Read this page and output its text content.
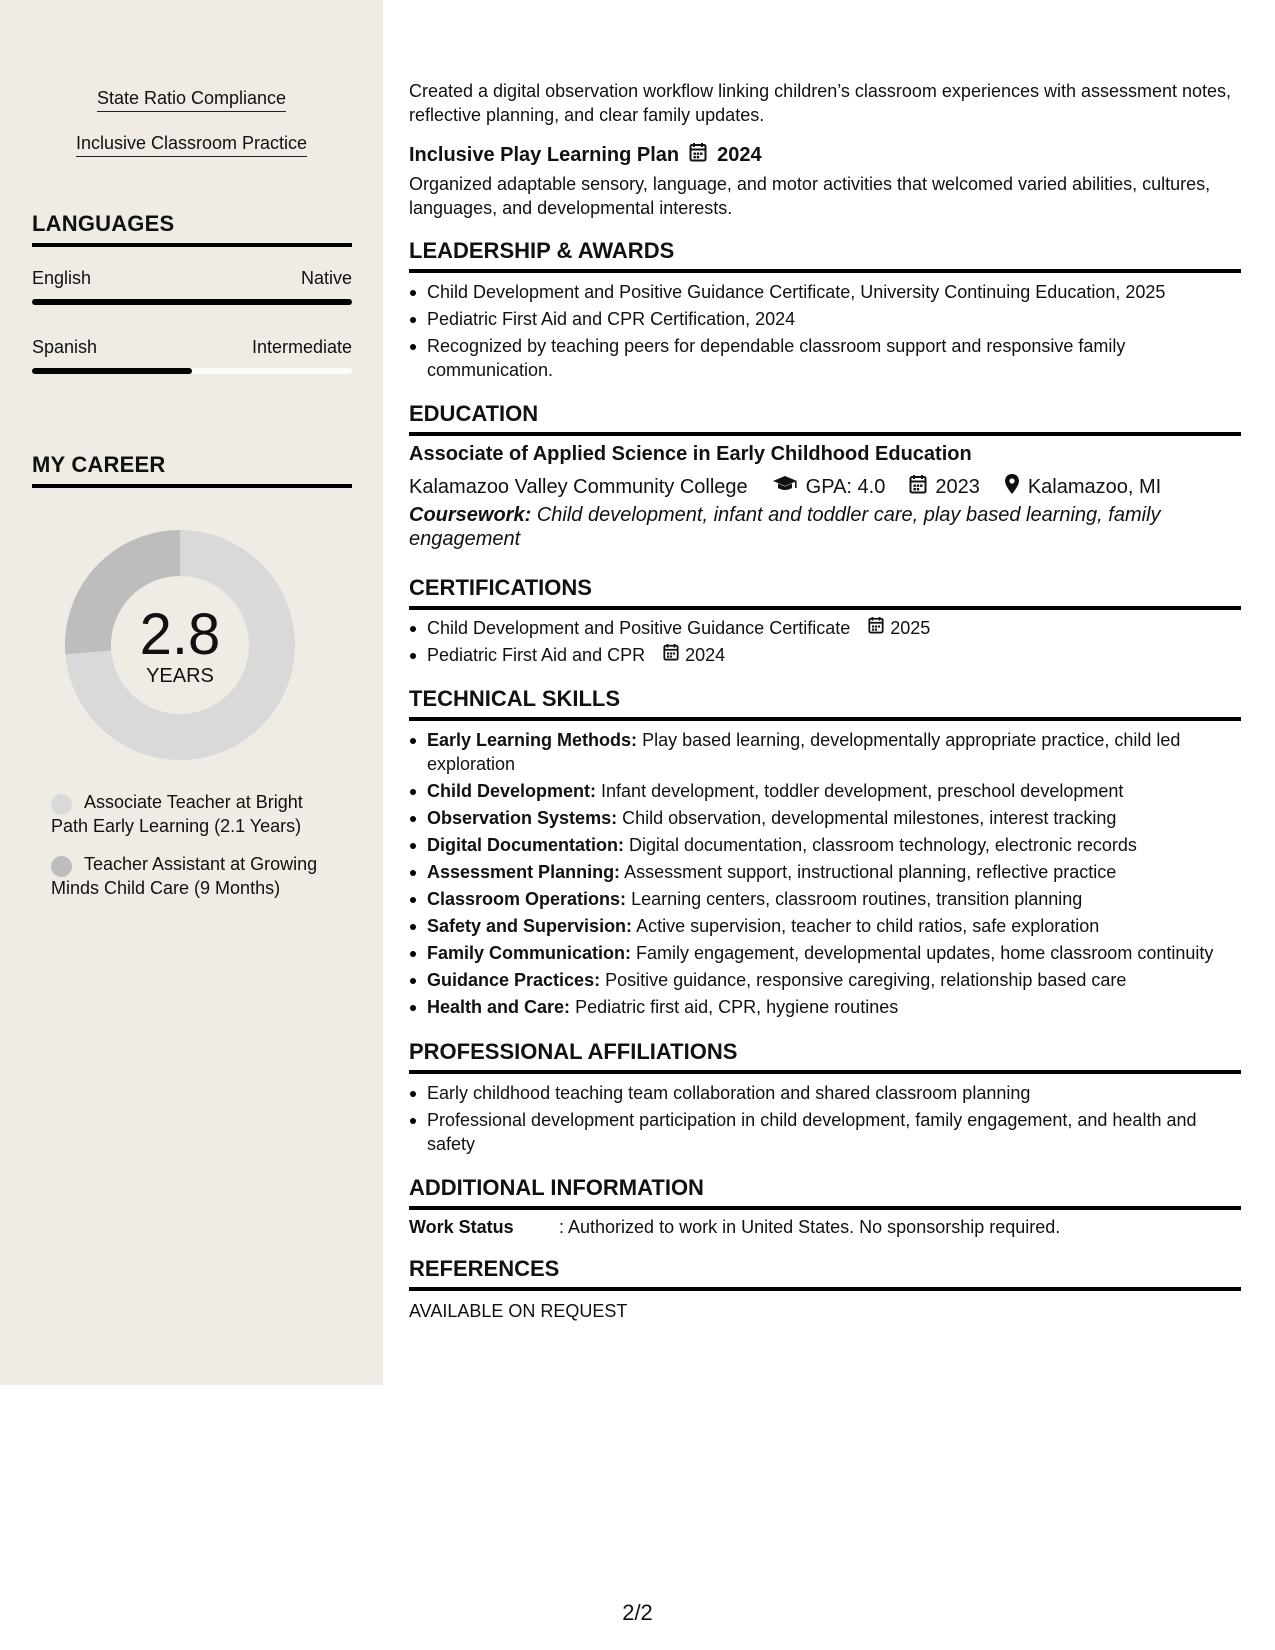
State Ratio Compliance
Inclusive Classroom Practice
LANGUAGES
English	Native
Spanish	Intermediate
MY CAREER
2.8
YEARS
Associate Teacher at Bright Path Early Learning (2.1 Years)
Teacher Assistant at Growing Minds Child Care (9 Months)
Created a digital observation workflow linking children’s classroom experiences with assessment notes, reflective planning, and clear family updates.
Inclusive Play Learning Plan 2024
Organized adaptable sensory, language, and motor activities that welcomed varied abilities, cultures, languages, and developmental interests.
LEADERSHIP & AWARDS
Child Development and Positive Guidance Certificate, University Continuing Education, 2025
Pediatric First Aid and CPR Certification, 2024
Recognized by teaching peers for dependable classroom support and responsive family communication.
EDUCATION
Associate of Applied Science in Early Childhood Education
Kalamazoo Valley Community College	GPA: 4.0	2023 Kalamazoo, MI
Coursework: Child development, infant and toddler care, play based learning, family engagement
CERTIFICATIONS
Child Development and Positive Guidance Certificate 2025
Pediatric First Aid and CPR 2024
TECHNICAL SKILLS
Early Learning Methods: Play based learning, developmentally appropriate practice, child led exploration
Child Development: Infant development, toddler development, preschool development
Observation Systems: Child observation, developmental milestones, interest tracking
Digital Documentation: Digital documentation, classroom technology, electronic records
Assessment Planning: Assessment support, instructional planning, reflective practice
Classroom Operations: Learning centers, classroom routines, transition planning
Safety and Supervision: Active supervision, teacher to child ratios, safe exploration
Family Communication: Family engagement, developmental updates, home classroom continuity
Guidance Practices: Positive guidance, responsive caregiving, relationship based care
Health and Care: Pediatric first aid, CPR, hygiene routines
PROFESSIONAL AFFILIATIONS
Early childhood teaching team collaboration and shared classroom planning
Professional development participation in child development, family engagement, and health and safety
ADDITIONAL INFORMATION
Work Status	: Authorized to work in United States. No sponsorship required.
REFERENCES
AVAILABLE ON REQUEST
2/2
